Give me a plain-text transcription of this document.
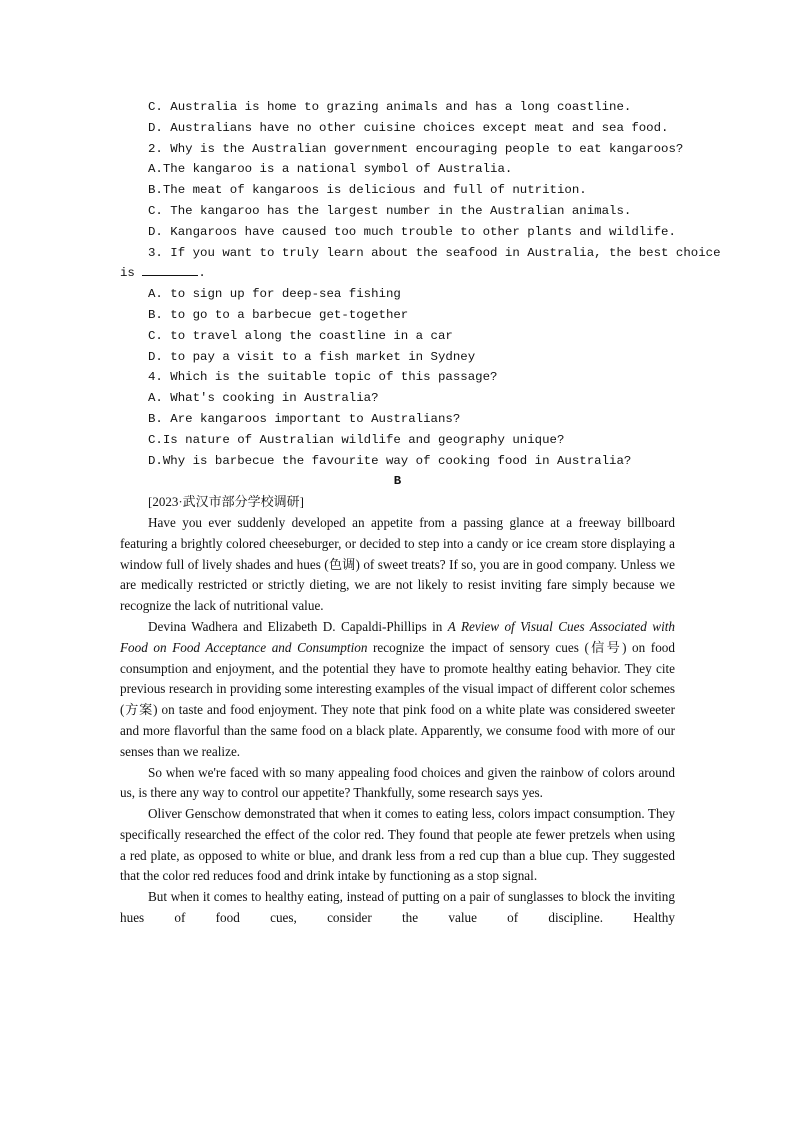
C. Australia is home to grazing animals and has a long coastline.
D. Australians have no other cuisine choices except meat and sea food.
2. Why is the Australian government encouraging people to eat kangaroos?
A.The kangaroo is a national symbol of Australia.
B.The meat of kangaroos is delicious and full of nutrition.
C. The kangaroo has the largest number in the Australian animals.
D. Kangaroos have caused too much trouble to other plants and wildlife.
3. If you want to truly learn about the seafood in Australia, the best choice
is	.
A. to sign up for deep-sea fishing
B. to go to a barbecue get-together
C. to travel along the coastline in a car
D. to pay a visit to a fish market in Sydney
4. Which is the suitable topic of this passage?
A. What's cooking in Australia?
B. Are kangaroos important to Australians?
C.Is nature of Australian wildlife and geography unique?
D.Why is barbecue the favourite way of cooking food in Australia?
B
[2023·武汉市部分学校调研]
Have you ever suddenly developed an appetite from a passing glance at a freeway billboard featuring a brightly colored cheeseburger, or decided to step into a candy or ice cream store displaying a window full of lively shades and hues (色调) of sweet treats? If so, you are in good company. Unless we are medically restricted or strictly dieting, we are not likely to resist inviting fare simply because we recognize the lack of nutritional value.
Devina Wadhera and Elizabeth D. Capaldi-Phillips in A Review of Visual Cues Associated with Food on Food Acceptance and Consumption recognize the impact of sensory cues (信号) on food consumption and enjoyment, and the potential they have to promote healthy eating behavior. They cite previous research in providing some interesting examples of the visual impact of different color schemes (方案) on taste and food enjoyment. They note that pink food on a white plate was considered sweeter and more flavorful than the same food on a black plate. Apparently, we consume food with more of our senses than we realize.
So when we're faced with so many appealing food choices and given the rainbow of colors around us, is there any way to control our appetite? Thankfully, some research says yes.
Oliver Genschow demonstrated that when it comes to eating less, colors impact consumption. They specifically researched the effect of the color red. They found that people ate fewer pretzels when using a red plate, as opposed to white or blue, and drank less from a red cup than a blue cup. They suggested that the color red reduces food and drink intake by functioning as a stop signal.
But when it comes to healthy eating, instead of putting on a pair of sunglasses to block the inviting hues of food cues, consider the value of discipline. Healthy
